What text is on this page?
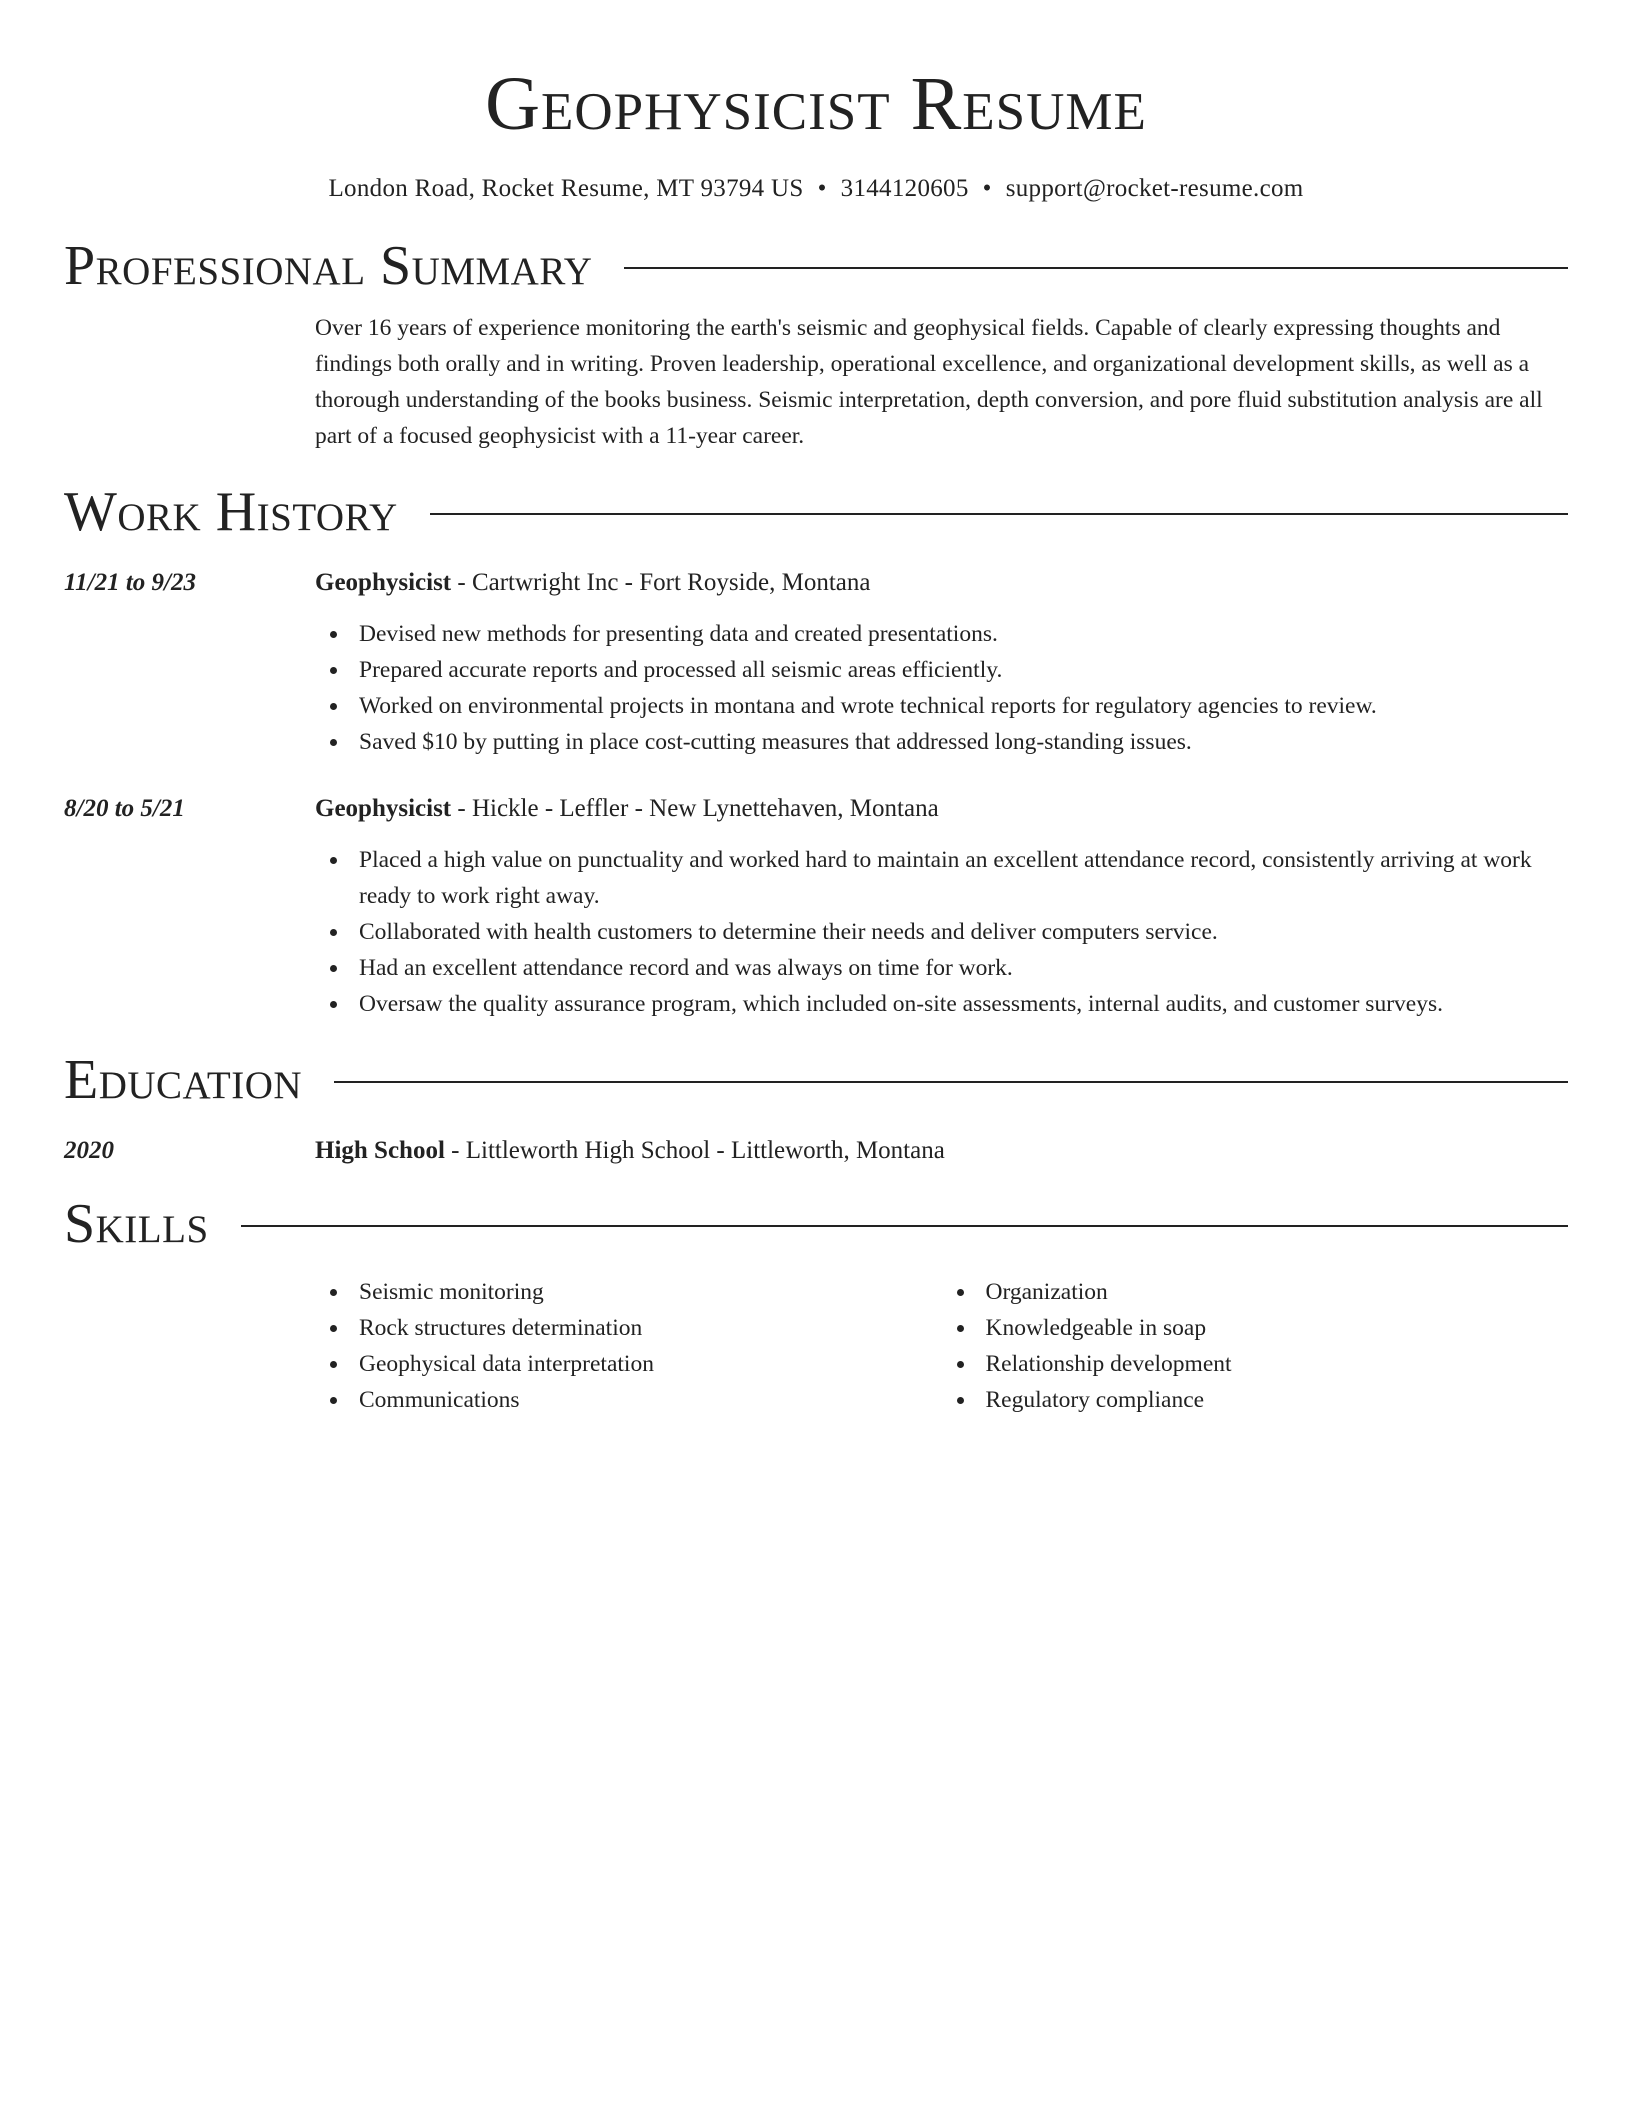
Geophysicist Resume
London Road, Rocket Resume, MT 93794 US • 3144120605 • support@rocket-resume.com
Professional Summary

Over 16 years of experience monitoring the earth's seismic and geophysical fields. Capable of clearly expressing thoughts and findings both orally and in writing. Proven leadership, operational excellence, and organizational development skills, as well as a thorough understanding of the books business. Seismic interpretation, depth conversion, and pore fluid substitution analysis are all part of a focused geophysicist with a 11-year career.

Work History
11/21 to 9/23	Geophysicist - Cartwright Inc - Fort Royside, Montana
Devised new methods for presenting data and created presentations.
Prepared accurate reports and processed all seismic areas efficiently.
Worked on environmental projects in montana and wrote technical reports for regulatory agencies to review.
Saved $10 by putting in place cost-cutting measures that addressed long-standing issues.
8/20 to 5/21	Geophysicist - Hickle - Leffler - New Lynettehaven, Montana
Placed a high value on punctuality and worked hard to maintain an excellent attendance record, consistently arriving at work ready to work right away.
Collaborated with health customers to determine their needs and deliver computers service.
Had an excellent attendance record and was always on time for work.
Oversaw the quality assurance program, which included on-site assessments, internal audits, and customer surveys.
Education
2020	High School - Littleworth High School - Littleworth, Montana
Skills
Seismic monitoring
Rock structures determination
Geophysical data interpretation
Communications
Organization
Knowledgeable in soap
Relationship development
Regulatory compliance
